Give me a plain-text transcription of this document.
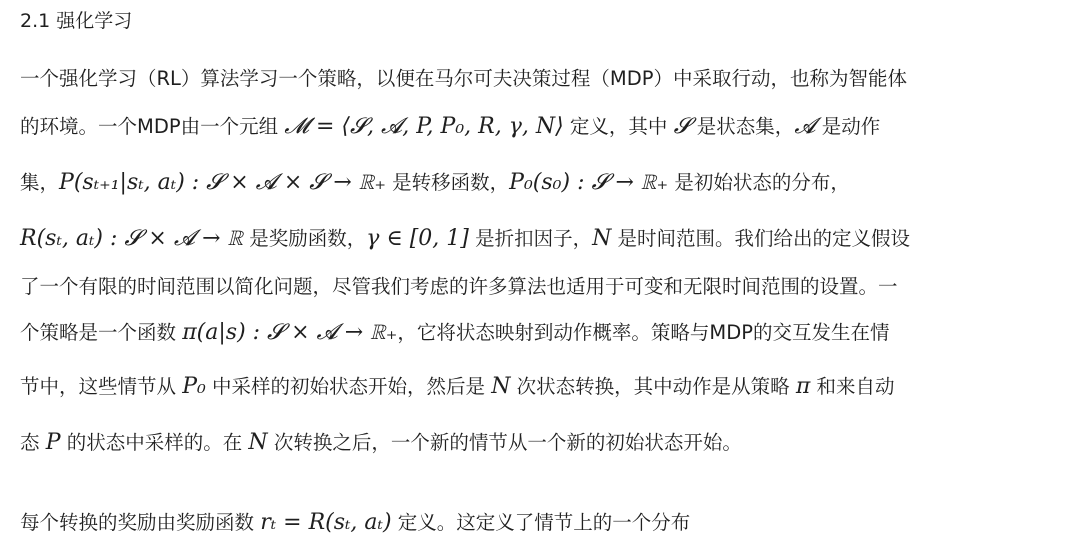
2.1 强化学习
一个强化学习（RL）算法学习一个策略，以便在马尔可夫决策过程（MDP）中采取行动，也称为智能体
的环境。一个MDP由一个元组 𝓜 = ⟨𝓢, 𝓐, P, P₀, R, γ, N⟩ 定义，其中 𝓢 是状态集，𝓐 是动作
集，P(sₜ₊₁|sₜ, aₜ) : 𝓢 × 𝓐 × 𝓢 → ℝ₊ 是转移函数，P₀(s₀) : 𝓢 → ℝ₊ 是初始状态的分布，
R(sₜ, aₜ) : 𝓢 × 𝓐 → ℝ 是奖励函数，γ ∈ [0, 1] 是折扣因子，N 是时间范围。我们给出的定义假设
了一个有限的时间范围以简化问题，尽管我们考虑的许多算法也适用于可变和无限时间范围的设置。一
个策略是一个函数 π(a|s) : 𝓢 × 𝓐 → ℝ₊，它将状态映射到动作概率。策略与MDP的交互发生在情
节中，这些情节从 P₀ 中采样的初始状态开始，然后是 N 次状态转换，其中动作是从策略 π 和来自动
态 P 的状态中采样的。在 N 次转换之后，一个新的情节从一个新的初始状态开始。
每个转换的奖励由奖励函数 rₜ = R(sₜ, aₜ) 定义。这定义了情节上的一个分布
